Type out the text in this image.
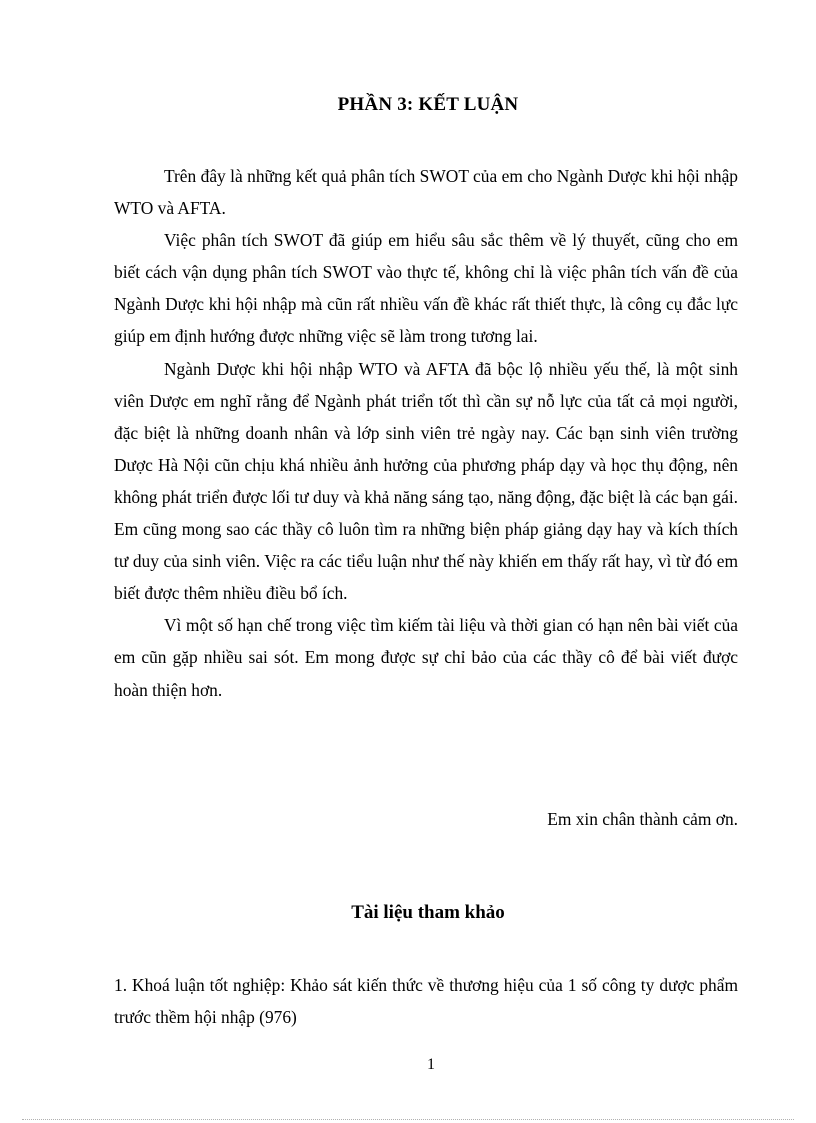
PHẦN 3: KẾT LUẬN

Trên đây là những kết quả phân tích SWOT của em cho Ngành Dược khi hội nhập WTO và AFTA.

Việc phân tích SWOT đã giúp em hiểu sâu sắc thêm về lý thuyết, cũng cho em biết cách vận dụng phân tích SWOT vào thực tế, không chỉ là việc phân tích vấn đề của Ngành Dược khi hội nhập mà cũn rất nhiều vấn đề khác rất thiết thực, là công cụ đắc lực giúp em định hướng được những việc sẽ làm trong tương lai.

Ngành Dược khi hội nhập WTO và AFTA đã bộc lộ nhiều yếu thế, là một sinh viên Dược em nghĩ rằng để Ngành phát triển tốt thì cần sự nỗ lực của tất cả mọi người, đặc biệt là những doanh nhân và lớp sinh viên trẻ ngày nay. Các bạn sinh viên trường Dược Hà Nội cũn chịu khá nhiều ảnh hưởng của phương pháp dạy và học thụ động, nên không phát triển được lối tư duy và khả năng sáng tạo, năng động, đặc biệt là các bạn gái. Em cũng mong sao các thầy cô luôn tìm ra những biện pháp giảng dạy hay và kích thích tư duy của sinh viên. Việc ra các tiểu luận như thế này khiến em thấy rất hay, vì từ đó em biết được thêm nhiều điều bổ ích.

Vì một số hạn chế trong việc tìm kiếm tài liệu và thời gian có hạn nên bài viết của em cũn gặp nhiều sai sót. Em mong được sự chỉ bảo của các thầy cô để bài viết được hoàn thiện hơn.

Em xin chân thành cảm ơn.
Tài liệu tham khảo
1. Khoá luận tốt nghiệp: Khảo sát kiến thức về thương hiệu của 1 số công ty dược phẩm trước thềm hội nhập (976)
1
